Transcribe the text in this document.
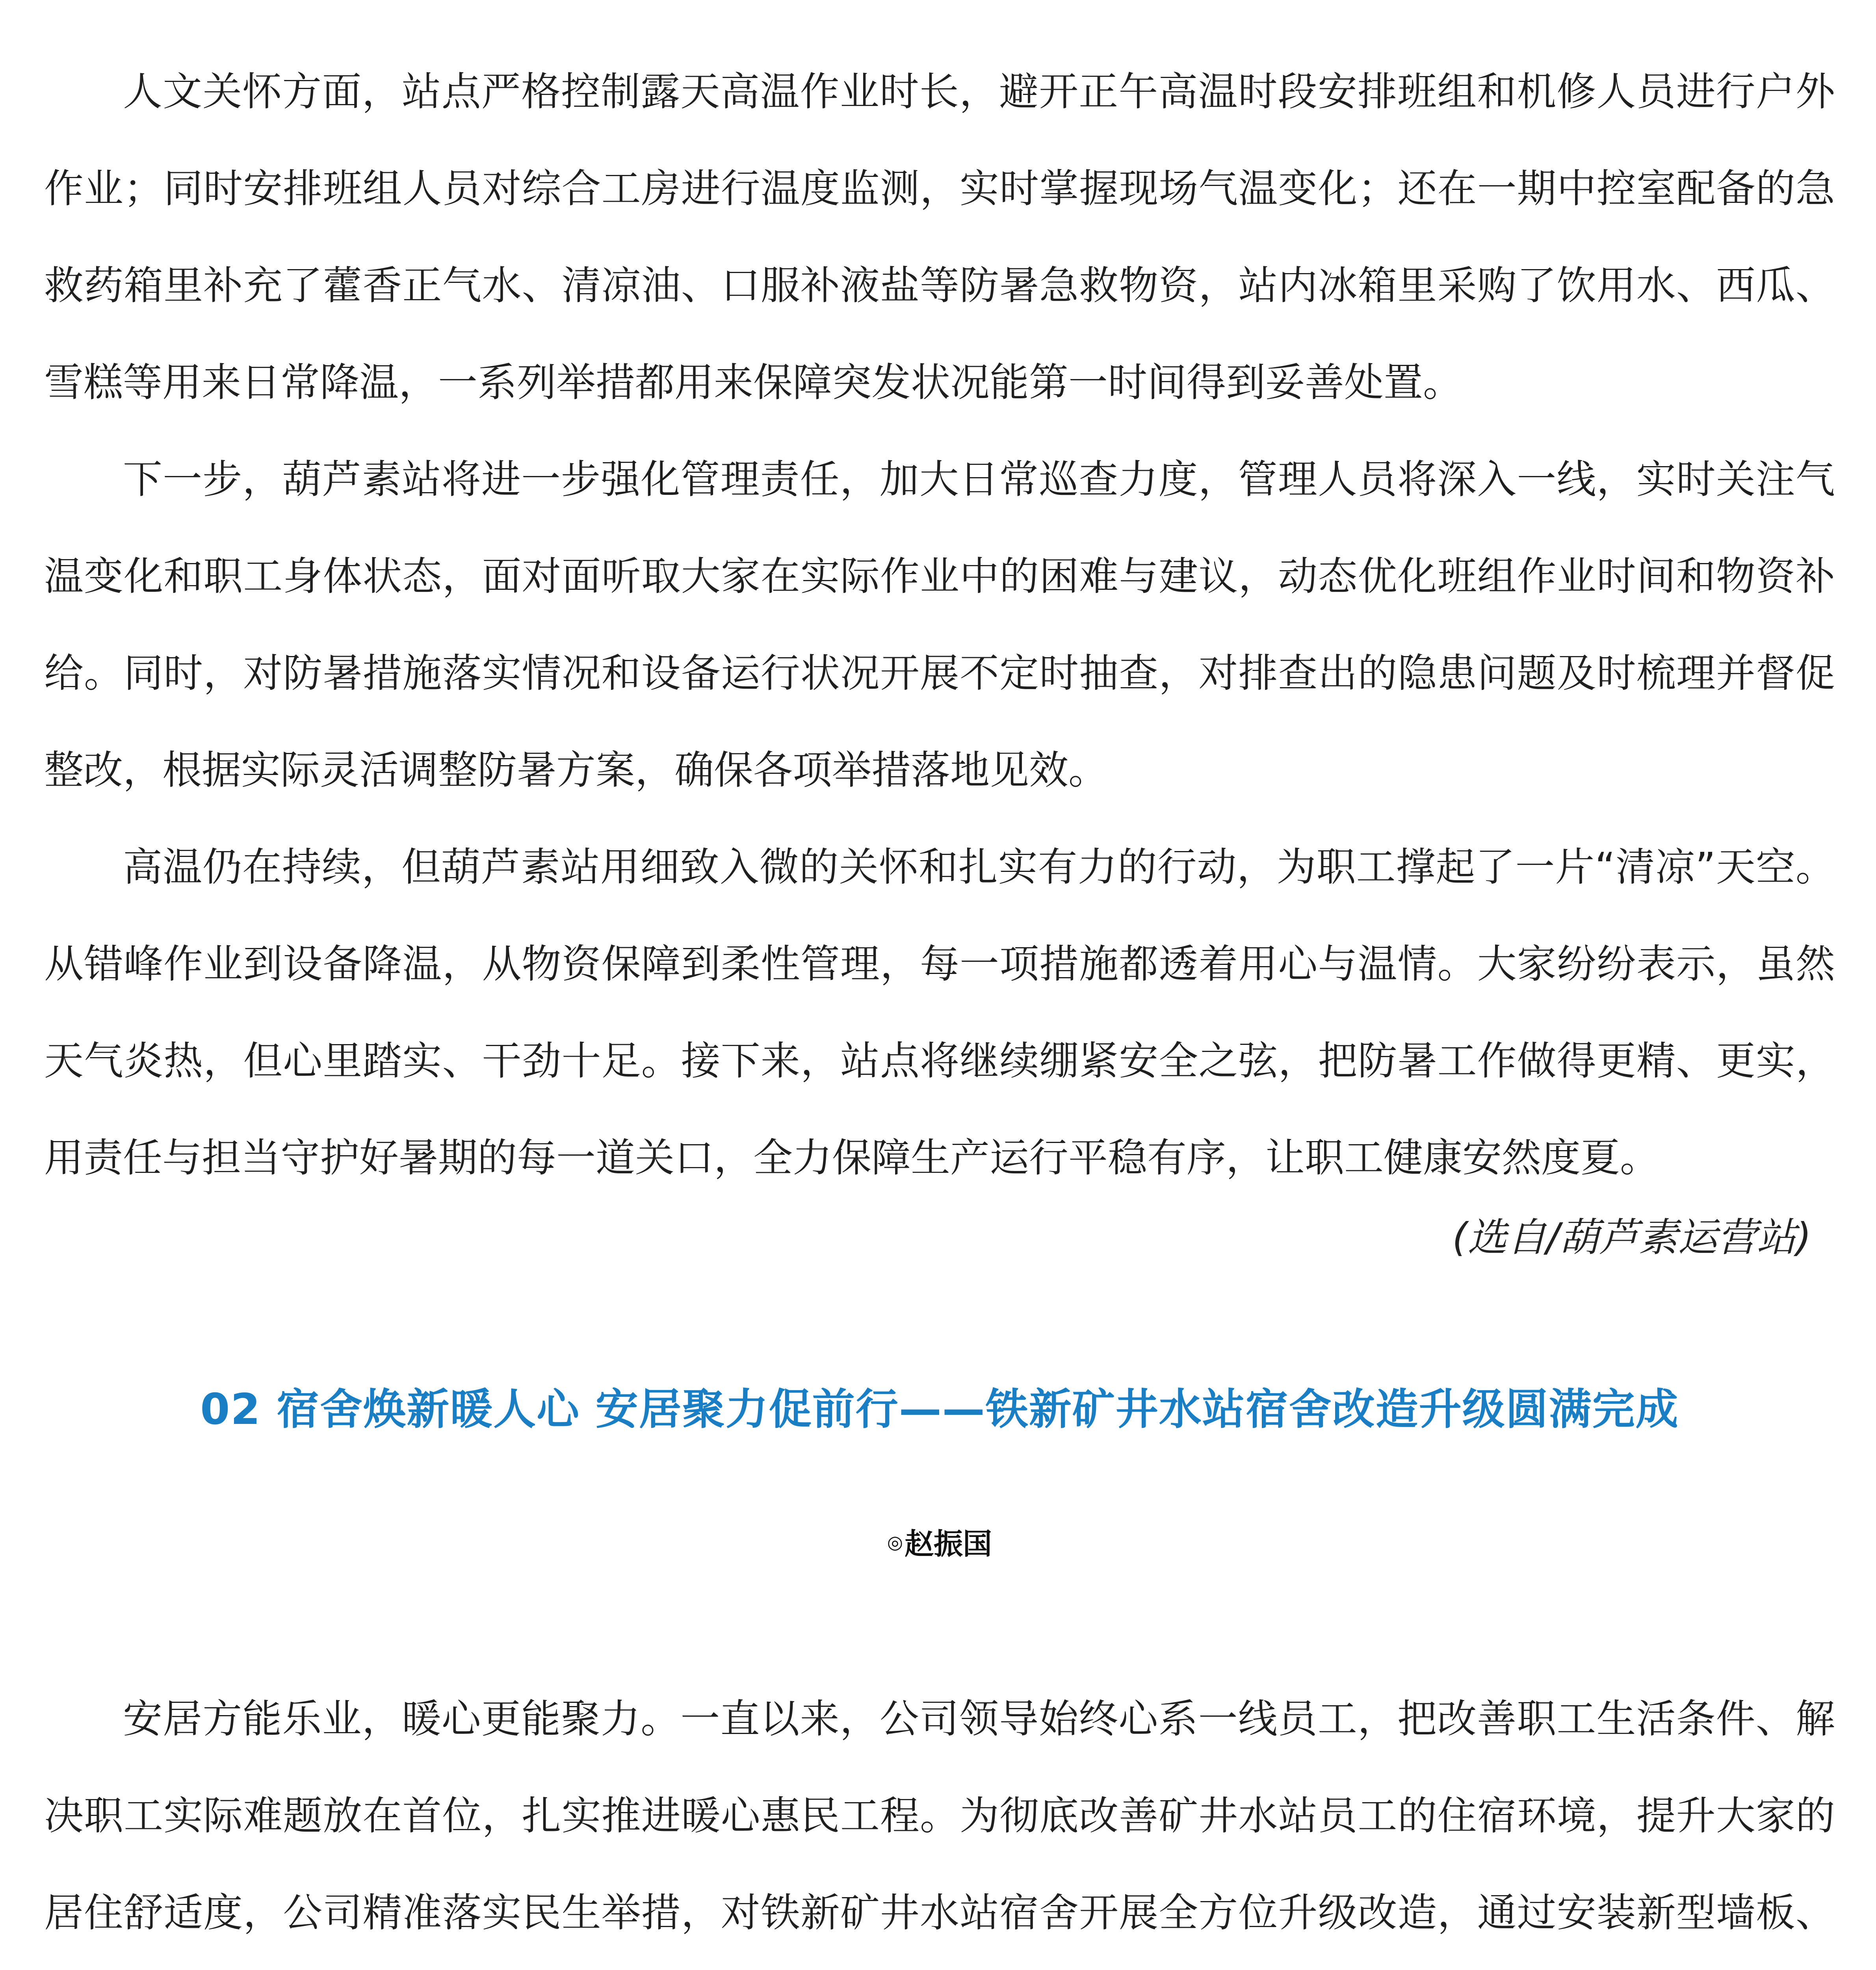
人文关怀方面，站点严格控制露天高温作业时长，避开正午高温时段安排班组和机修人员进行户外作业；同时安排班组人员对综合工房进行温度监测，实时掌握现场气温变化；还在一期中控室配备的急救药箱里补充了藿香正气水、清凉油、口服补液盐等防暑急救物资，站内冰箱里采购了饮用水、西瓜、雪糕等用来日常降温，一系列举措都用来保障突发状况能第一时间得到妥善处置。

下一步，葫芦素站将进一步强化管理责任，加大日常巡查力度，管理人员将深入一线，实时关注气温变化和职工身体状态，面对面听取大家在实际作业中的困难与建议，动态优化班组作业时间和物资补给。同时，对防暑措施落实情况和设备运行状况开展不定时抽查，对排查出的隐患问题及时梳理并督促整改，根据实际灵活调整防暑方案，确保各项举措落地见效。

高温仍在持续，但葫芦素站用细致入微的关怀和扎实有力的行动，为职工撑起了一片“清凉”天空。从错峰作业到设备降温，从物资保障到柔性管理，每一项措施都透着用心与温情。大家纷纷表示，虽然天气炎热，但心里踏实、干劲十足。接下来，站点将继续绷紧安全之弦，把防暑工作做得更精、更实，用责任与担当守护好暑期的每一道关口，全力保障生产运行平稳有序，让职工健康安然度夏。

(选自/葫芦素运营站)
02 宿舍焕新暖人心 安居聚力促前行——铁新矿井水站宿舍改造升级圆满完成
◎赵振国

安居方能乐业，暖心更能聚力。一直以来，公司领导始终心系一线员工，把改善职工生活条件、解决职工实际难题放在首位，扎实推进暖心惠民工程。为彻底改善矿井水站员工的住宿环境，提升大家的居住舒适度，公司精准落实民生举措，对铁新矿井水站宿舍开展全方位升级改造，通过安装新型墙板、
